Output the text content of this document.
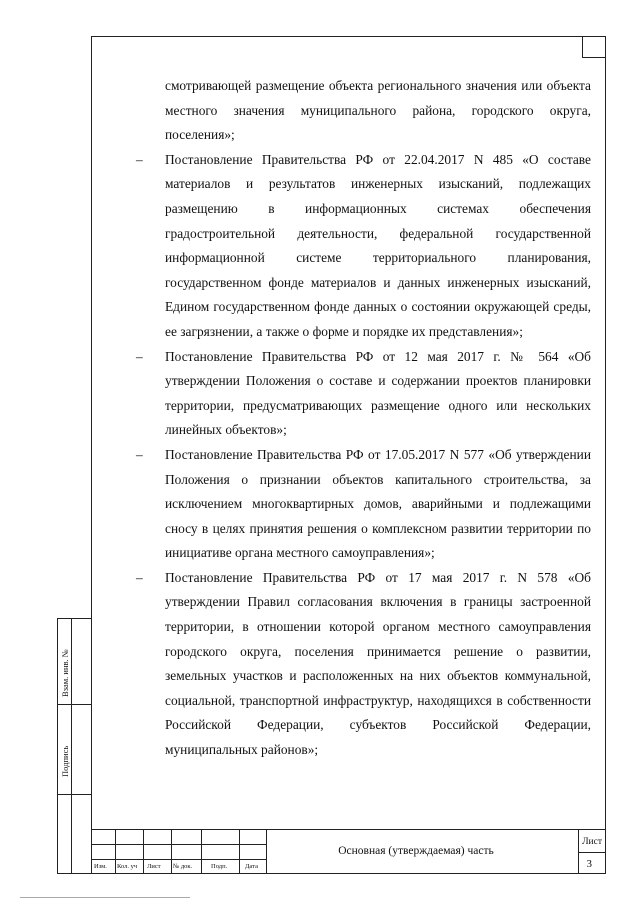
смотривающей размещение объекта регионального значения или объекта местного значения муниципального района, городского округа, поселения»;

– Постановление Правительства РФ от 22.04.2017 N 485 «О составе материалов и результатов инженерных изысканий, подлежащих размещению в информационных системах обеспечения градостроительной деятельности, федеральной государственной информационной системе территориального планирования, государственном фонде материалов и данных инженерных изысканий, Едином государственном фонде данных о состоянии окружающей среды, ее загрязнении, а также о форме и порядке их представления»;

– Постановление Правительства РФ от 12 мая 2017 г. № 564 «Об утверждении Положения о составе и содержании проектов планировки территории, предусматривающих размещение одного или нескольких линейных объектов»;

– Постановление Правительства РФ от 17.05.2017 N 577 «Об утверждении Положения о признании объектов капитального строительства, за исключением многоквартирных домов, аварийными и подлежащими сносу в целях принятия решения о комплексном развитии территории по инициативе органа местного самоуправления»;

– Постановление Правительства РФ от 17 мая 2017 г. N 578 «Об утверждении Правил согласования включения в границы застроенной территории, в отношении которой органом местного самоуправления городского округа, поселения принимается решение о развитии, земельных участков и расположенных на них объектов коммунальной, социальной, транспортной инфраструктур, находящихся в собственности Российской Федерации, субъектов Российской Федерации, муниципальных районов»;

Взам. инв. №
Подпись
Изм. Кол. уч Лист № док.	Подп.	Дата
Основная (утверждаемая) часть
Лист
3
